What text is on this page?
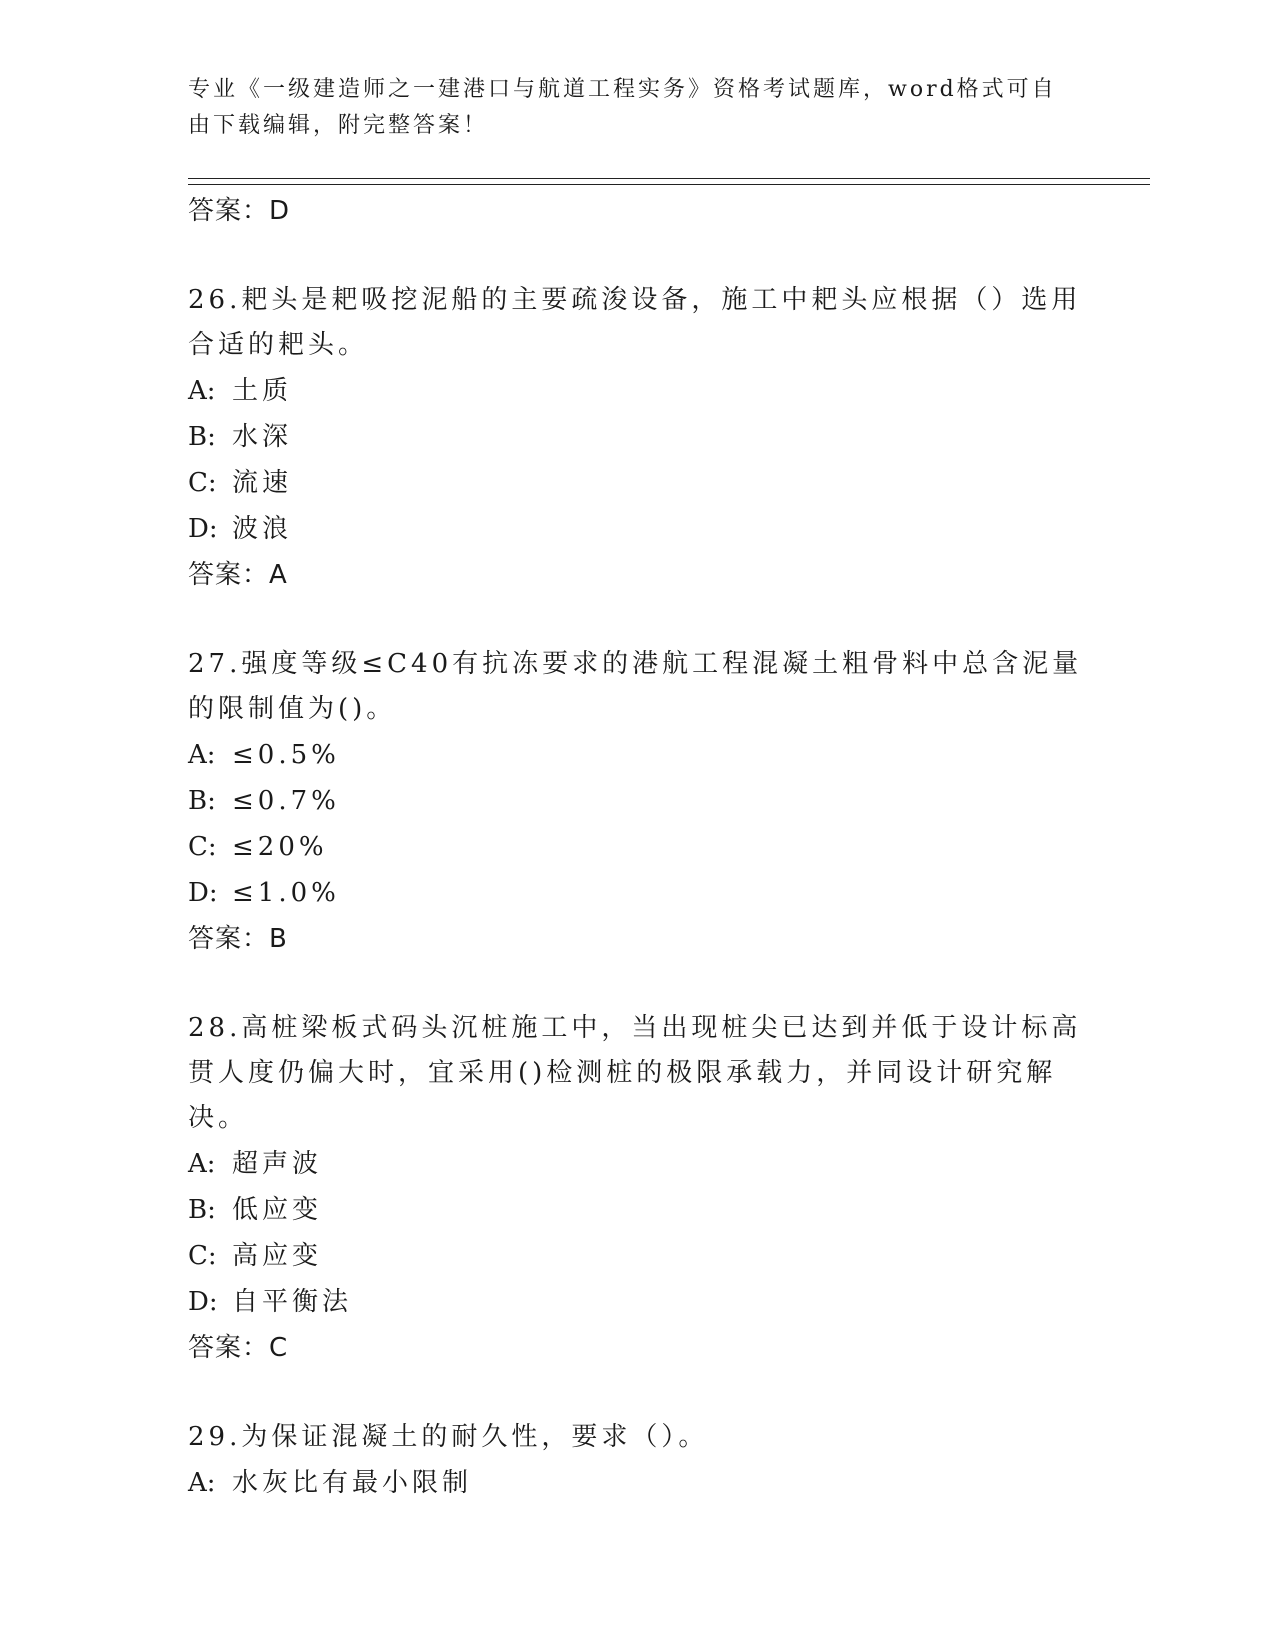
专业《一级建造师之一建港口与航道工程实务》资格考试题库，word格式可自由下载编辑，附完整答案！
答案：D
26.耙头是耙吸挖泥船的主要疏浚设备，施工中耙头应根据（）选用合适的耙头。
A: 土质
B: 水深
C: 流速
D: 波浪
答案：A
27.强度等级≤C40有抗冻要求的港航工程混凝土粗骨料中总含泥量的限制值为()。
A: ≤0.5%
B: ≤0.7%
C: ≤20%
D: ≤1.0%
答案：B
28.高桩梁板式码头沉桩施工中，当出现桩尖已达到并低于设计标高贯人度仍偏大时，宜采用()检测桩的极限承载力，并同设计研究解决。
A: 超声波
B: 低应变
C: 高应变
D: 自平衡法
答案：C
29.为保证混凝土的耐久性，要求（）。
A: 水灰比有最小限制
